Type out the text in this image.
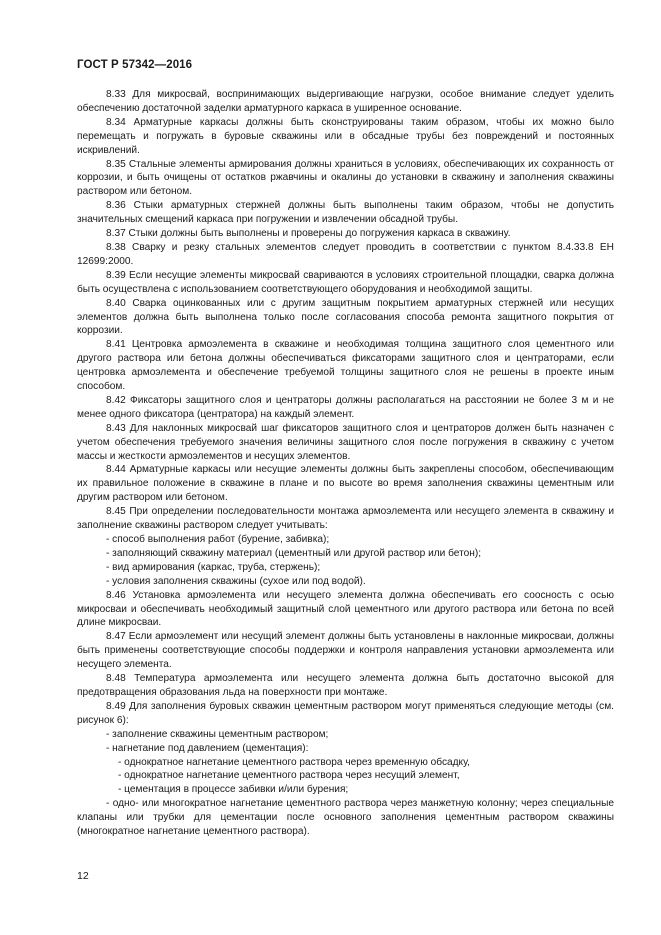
ГОСТ Р 57342—2016

8.33 Для микросвай, воспринимающих выдергивающие нагрузки, особое внимание следует уделить обеспечению достаточной заделки арматурного каркаса в уширенное основание.

8.34 Арматурные каркасы должны быть сконструированы таким образом, чтобы их можно было перемещать и погружать в буровые скважины или в обсадные трубы без повреждений и постоянных искривлений.

8.35 Стальные элементы армирования должны храниться в условиях, обеспечивающих их сохранность от коррозии, и быть очищены от остатков ржавчины и окалины до установки в скважину и заполнения скважины раствором или бетоном.

8.36 Стыки арматурных стержней должны быть выполнены таким образом, чтобы не допустить значительных смещений каркаса при погружении и извлечении обсадной трубы.

8.37 Стыки должны быть выполнены и проверены до погружения каркаса в скважину.

8.38 Сварку и резку стальных элементов следует проводить в соответствии с пунктом 8.4.33.8 ЕН 12699:2000.

8.39 Если несущие элементы микросвай свариваются в условиях строительной площадки, сварка должна быть осуществлена с использованием соответствующего оборудования и необходимой защиты.

8.40 Сварка оцинкованных или с другим защитным покрытием арматурных стержней или несущих элементов должна быть выполнена только после согласования способа ремонта защитного покрытия от коррозии.

8.41 Центровка армоэлемента в скважине и необходимая толщина защитного слоя цементного или другого раствора или бетона должны обеспечиваться фиксаторами защитного слоя и центраторами, если центровка армоэлемента и обеспечение требуемой толщины защитного слоя не решены в проекте иным способом.

8.42 Фиксаторы защитного слоя и центраторы должны располагаться на расстоянии не более 3 м и не менее одного фиксатора (центратора) на каждый элемент.

8.43 Для наклонных микросвай шаг фиксаторов защитного слоя и центраторов должен быть назначен с учетом обеспечения требуемого значения величины защитного слоя после погружения в скважину с учетом массы и жесткости армоэлементов и несущих элементов.

8.44 Арматурные каркасы или несущие элементы должны быть закреплены способом, обеспечивающим их правильное положение в скважине в плане и по высоте во время заполнения скважины цементным или другим раствором или бетоном.

8.45 При определении последовательности монтажа армоэлемента или несущего элемента в скважину и заполнение скважины раствором следует учитывать:

- способ выполнения работ (бурение, забивка);

- заполняющий скважину материал (цементный или другой раствор или бетон);

- вид армирования (каркас, труба, стержень);

- условия заполнения скважины (сухое или под водой).

8.46 Установка армоэлемента или несущего элемента должна обеспечивать его соосность с осью микросваи и обеспечивать необходимый защитный слой цементного или другого раствора или бетона по всей длине микросваи.

8.47 Если армоэлемент или несущий элемент должны быть установлены в наклонные микросваи, должны быть применены соответствующие способы поддержки и контроля направления установки армоэлемента или несущего элемента.

8.48 Температура армоэлемента или несущего элемента должна быть достаточно высокой для предотвращения образования льда на поверхности при монтаже.

8.49 Для заполнения буровых скважин цементным раствором могут применяться следующие методы (см. рисунок 6):

- заполнение скважины цементным раствором;

- нагнетание под давлением (цементация):

- однократное нагнетание цементного раствора через временную обсадку,

- однократное нагнетание цементного раствора через несущий элемент,

- цементация в процессе забивки и/или бурения;

- одно- или многократное нагнетание цементного раствора через манжетную колонну; через специальные клапаны или трубки для цементации после основного заполнения цементным раствором скважины (многократное нагнетание цементного раствора).

12
